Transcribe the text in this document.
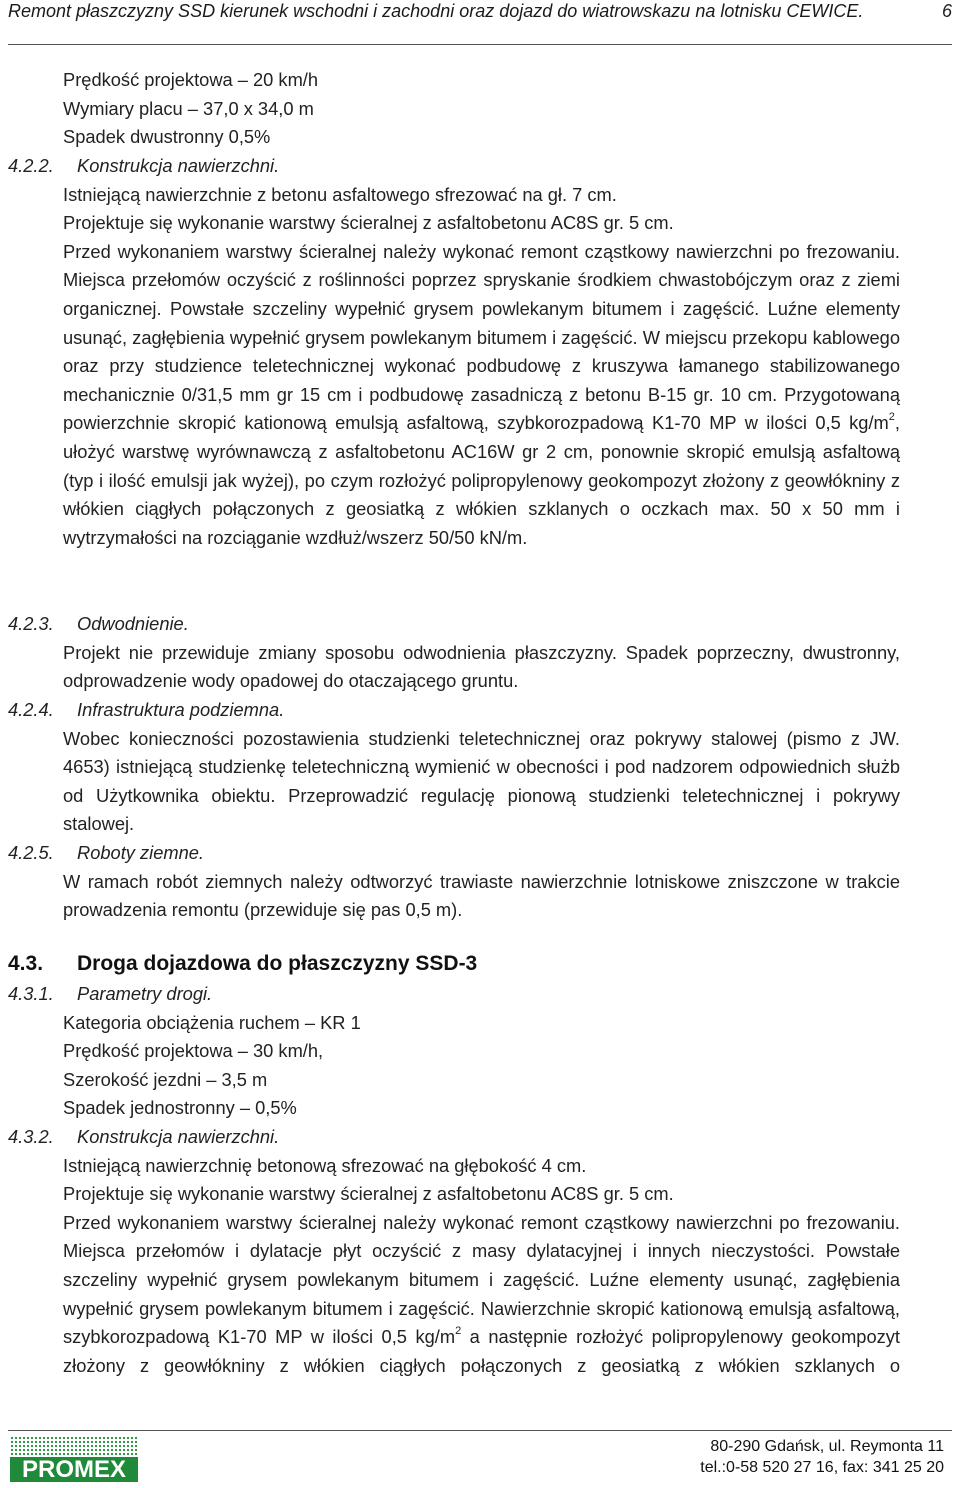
Remont płaszczyzny SSD kierunek wschodni i zachodni oraz dojazd do wiatrowskazu na lotnisku CEWICE.	6
Prędkość projektowa – 20 km/h
Wymiary placu – 37,0 x 34,0 m
Spadek dwustronny 0,5%
4.2.2. Konstrukcja nawierzchni.
Istniejącą nawierzchnie z betonu asfaltowego sfrezować na gł. 7 cm.
Projektuje się wykonanie warstwy ścieralnej z asfaltobetonu AC8S gr. 5 cm.
Przed wykonaniem warstwy ścieralnej należy wykonać remont cząstkowy nawierzchni po frezowaniu. Miejsca przełomów oczyścić z roślinności poprzez spryskanie środkiem chwastobójczym oraz z ziemi organicznej. Powstałe szczeliny wypełnić grysem powlekanym bitumem i zagęścić. Luźne elementy usunąć, zagłębienia wypełnić grysem powlekanym bitumem i zagęścić. W miejscu przekopu kablowego oraz przy studzience teletechnicznej wykonać podbudowę z kruszywa łamanego stabilizowanego mechanicznie 0/31,5 mm gr 15 cm i podbudowę zasadniczą z betonu B-15 gr. 10 cm. Przygotowaną powierzchnie skropić kationową emulsją asfaltową, szybkorozpadową K1-70 MP w ilości 0,5 $kg/m^2$, ułożyć warstwę wyrównawczą z asfaltobetonu AC16W gr 2 cm, ponownie skropić emulsją asfaltową (typ i ilość emulsji jak wyżej), po czym rozłożyć polipropylenowy geokompozyt złożony z geowłókniny z włókien ciągłych połączonych z geosiatką z włókien szklanych o oczkach max. 50 x 50 mm i wytrzymałości na rozciąganie wzdłuż/wszerz 50/50 kN/m.
4.2.3. Odwodnienie.
Projekt nie przewiduje zmiany sposobu odwodnienia płaszczyzny. Spadek poprzeczny, dwustronny, odprowadzenie wody opadowej do otaczającego gruntu.
4.2.4. Infrastruktura podziemna.
Wobec konieczności pozostawienia studzienki teletechnicznej oraz pokrywy stalowej (pismo z JW. 4653) istniejącą studzienkę teletechniczną wymienić w obecności i pod nadzorem odpowiednich służb od Użytkownika obiektu. Przeprowadzić regulację pionową studzienki teletechnicznej i pokrywy stalowej.
4.2.5. Roboty ziemne.
W ramach robót ziemnych należy odtworzyć trawiaste nawierzchnie lotniskowe zniszczone w trakcie prowadzenia remontu (przewiduje się pas 0,5 m).
4.3. Droga dojazdowa do płaszczyzny SSD-3
4.3.1. Parametry drogi.
Kategoria obciążenia ruchem – KR 1
Prędkość projektowa – 30 km/h,
Szerokość jezdni – 3,5 m
Spadek jednostronny – 0,5%
4.3.2. Konstrukcja nawierzchni.
Istniejącą nawierzchnię betonową sfrezować na głębokość 4 cm.
Projektuje się wykonanie warstwy ścieralnej z asfaltobetonu AC8S gr. 5 cm.
Przed wykonaniem warstwy ścieralnej należy wykonać remont cząstkowy nawierzchni po frezowaniu. Miejsca przełomów i dylatacje płyt oczyścić z masy dylatacyjnej i innych nieczystości. Powstałe szczeliny wypełnić grysem powlekanym bitumem i zagęścić. Luźne elementy usunąć, zagłębienia wypełnić grysem powlekanym bitumem i zagęścić. Nawierzchnie skropić kationową emulsją asfaltową, szybkorozpadową K1-70 MP w ilości 0,5 $kg/m^2$ a następnie rozłożyć polipropylenowy geokompozyt złożony z geowłókniny z włókien ciągłych połączonych z geosiatką z włókien szklanych o
PROMEX
80-290 Gdańsk, ul. Reymonta 11
tel.:0-58 520 27 16, fax: 341 25 20
